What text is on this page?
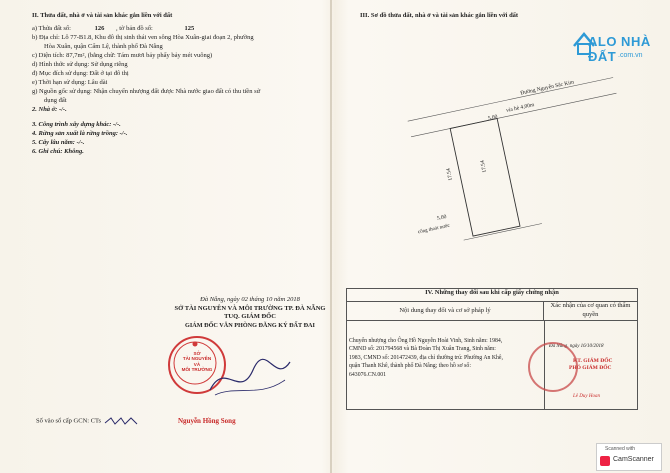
II. Thửa đất, nhà ở và tài sản khác gắn liền với đất
a) Thửa đất số:	126 , tờ bản đồ số:	125
b) Địa chỉ: Lô 77-B1.8, Khu đô thị sinh thái ven sông Hòa Xuân-giai đoạn 2, phường
Hòa Xuân, quận Cẩm Lệ, thành phố Đà Nẵng
c) Diện tích: 87,7m², (bằng chữ: Tám mươi bảy phẩy bảy mét vuông)
d) Hình thức sử dụng: Sử dụng riêng
đ) Mục đích sử dụng: Đất ở tại đô thị
e) Thời hạn sử dụng: Lâu dài
g) Nguồn gốc sử dụng: Nhận chuyển nhượng đất được Nhà nước giao đất có thu tiền sử
dụng đất
2. Nhà ở: -/-.
3. Công trình xây dựng khác: -/-.
4. Rừng sản xuất là rừng trồng: -/-.
5. Cây lâu năm: -/-.
6. Ghi chú: Không.
Đà Nẵng, ngày 02 tháng 10 năm 2018
SỞ TÀI NGUYÊN VÀ MÔI TRƯỜNG TP. ĐÀ NẴNG
TUQ. GIÁM ĐỐC
GIÁM ĐỐC VĂN PHÒNG ĐĂNG KÝ ĐẤT ĐAI
SỞ
TÀI NGUYÊN
VÀ
MÔI TRƯỜNG
Nguyễn Hồng Song
Số vào sổ cấp GCN: CTs
III. Sơ đồ thửa đất, nhà ở và tài sản khác gắn liền với đất
ALO NHÀ ĐẤT .com.vn
Đường Nguyễn Sắc Kim
vỉa hè 4,00m
5.00
17.54
17.54
5.00
cống thoát nước
IV. Những thay đổi sau khi cấp giấy chứng nhận
Nội dung thay đổi và cơ sở pháp lý
Xác nhận của cơ quan có thẩm quyền
Chuyển nhượng cho Ông Hồ Nguyễn Hoài Vinh, Sinh năm: 1984,
CMND số: 201794568 và Bà Đoàn Thị Xuân Trang, Sinh năm:
1983, CMND số: 201472439, địa chỉ thường trú: Phường An Khê,
quận Thanh Khê, thành phố Đà Nẵng; theo hồ sơ số:
643076.CN.001
Đà Nẵng, ngày 16/10/2018
KT. GIÁM ĐỐC
PHÓ GIÁM ĐỐC
Lê Duy Hoan
Scanned with
CamScanner
